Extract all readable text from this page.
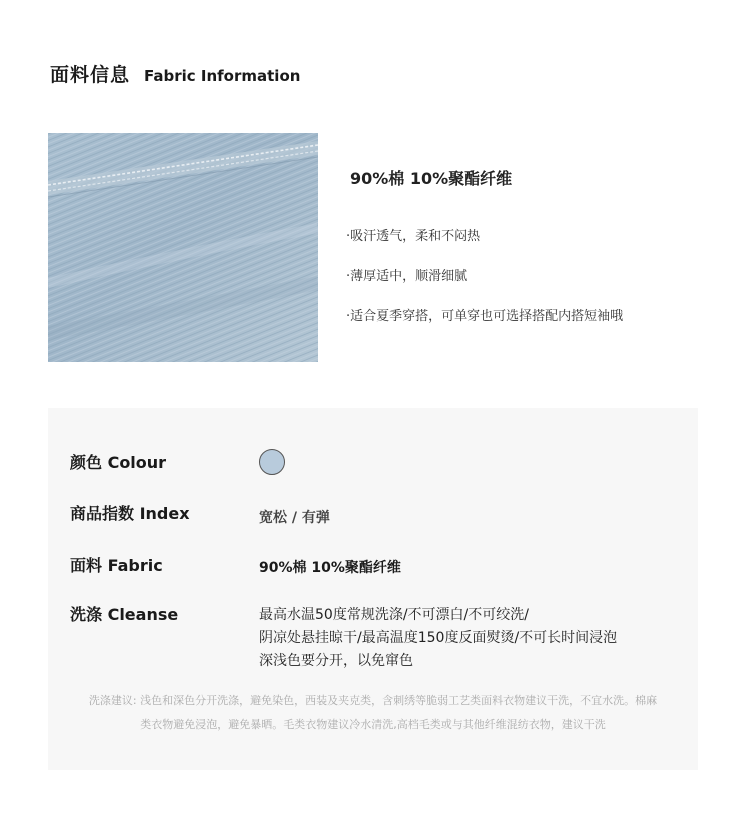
面料信息 Fabric Information
90%棉 10%聚酯纤维
·吸汗透气，柔和不闷热
·薄厚适中，顺滑细腻
·适合夏季穿搭，可单穿也可选择搭配内搭短袖哦
颜色 Colour
商品指数 Index	宽松 / 有弹
面料 Fabric	90%棉 10%聚酯纤维
洗涤 Cleanse	最高水温50度常规洗涤/不可漂白/不可绞洗/
阴凉处悬挂晾干/最高温度150度反面熨烫/不可长时间浸泡
深浅色要分开，以免窜色
洗涤建议: 浅色和深色分开洗涤，避免染色，西装及夹克类，含刺绣等脆弱工艺类面料衣物建议干洗，不宜水洗。棉麻
类衣物避免浸泡，避免暴晒。毛类衣物建议冷水清洗,高档毛类或与其他纤维混纺衣物，建议干洗
